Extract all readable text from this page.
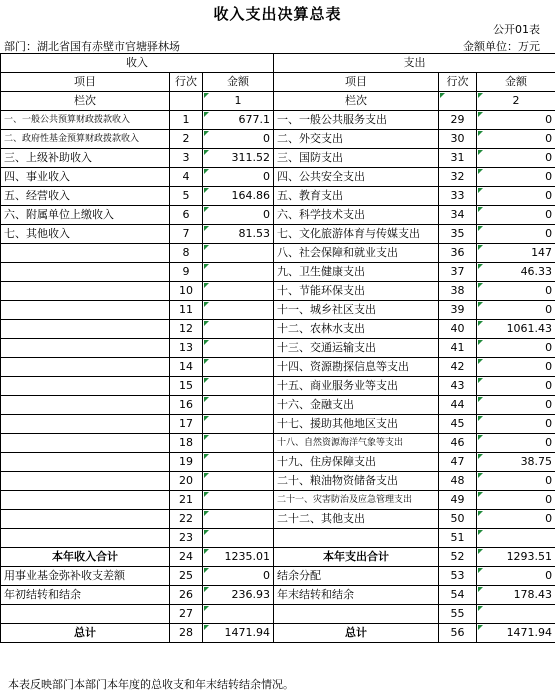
收入支出决算总表
公开01表
部门：湖北省国有赤壁市官塘驿林场	金额单位：万元
收入			支出		
项目	行次	金额	项目	行次	金额
栏次		1	栏次		2
一、一般公共预算财政拨款收入	1	677.1	一、一般公共服务支出	29	0
二、政府性基金预算财政拨款收入	2	0	二、外交支出	30	0
三、上级补助收入	3	311.52	三、国防支出	31	0
四、事业收入	4	0	四、公共安全支出	32	0
五、经营收入	5	164.86	五、教育支出	33	0
六、附属单位上缴收入	6	0	六、科学技术支出	34	0
七、其他收入	7	81.53	七、文化旅游体育与传媒支出	35	0
	8		八、社会保障和就业支出	36	147
	9		九、卫生健康支出	37	46.33
	10		十、节能环保支出	38	0
	11		十一、城乡社区支出	39	0
	12		十二、农林水支出	40	1061.43
	13		十三、交通运输支出	41	0
	14		十四、资源勘探信息等支出	42	0
	15		十五、商业服务业等支出	43	0
	16		十六、金融支出	44	0
	17		十七、援助其他地区支出	45	0
	18		十八、自然资源海洋气象等支出	46	0
	19		十九、住房保障支出	47	38.75
	20		二十、粮油物资储备支出	48	0
	21		二十一、灾害防治及应急管理支出	49	0
	22		二十二、其他支出	50	0
	23			51	
本年收入合计	24	1235.01	本年支出合计	52	1293.51
用事业基金弥补收支差额	25	0	结余分配	53	0
年初结转和结余	26	236.93	年末结转和结余	54	178.43
	27			55	
总计	28	1471.94	总计	56	1471.94
本表反映部门本部门本年度的总收支和年末结转结余情况。
